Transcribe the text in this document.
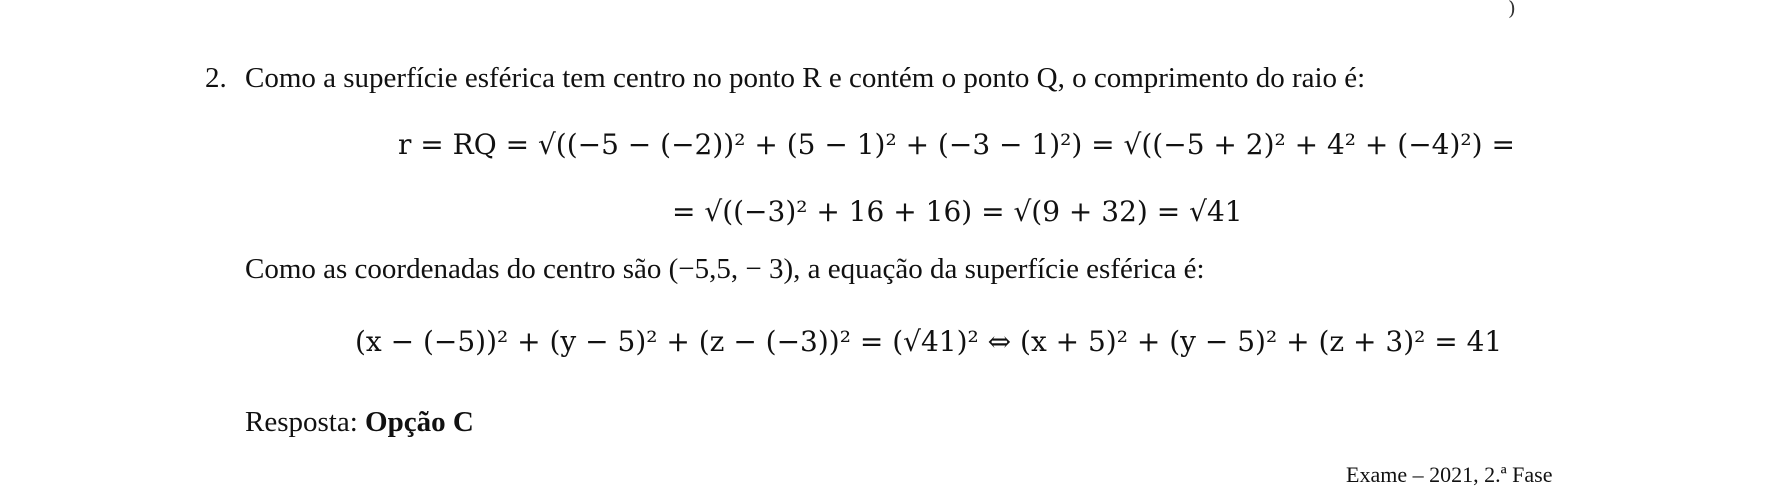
)
2. Como a superfície esférica tem centro no ponto R e contém o ponto Q, o comprimento do raio é:
r = RQ = √((−5 − (−2))² + (5 − 1)² + (−3 − 1)²) = √((−5 + 2)² + 4² + (−4)²) =
= √((−3)² + 16 + 16) = √(9 + 32) = √41
Como as coordenadas do centro são (−5,5, − 3), a equação da superfície esférica é:
(x − (−5))² + (y − 5)² + (z − (−3))² = (√41)² ⇔ (x + 5)² + (y − 5)² + (z + 3)² = 41
Resposta: Opção C
Exame – 2021, 2.ª Fase
